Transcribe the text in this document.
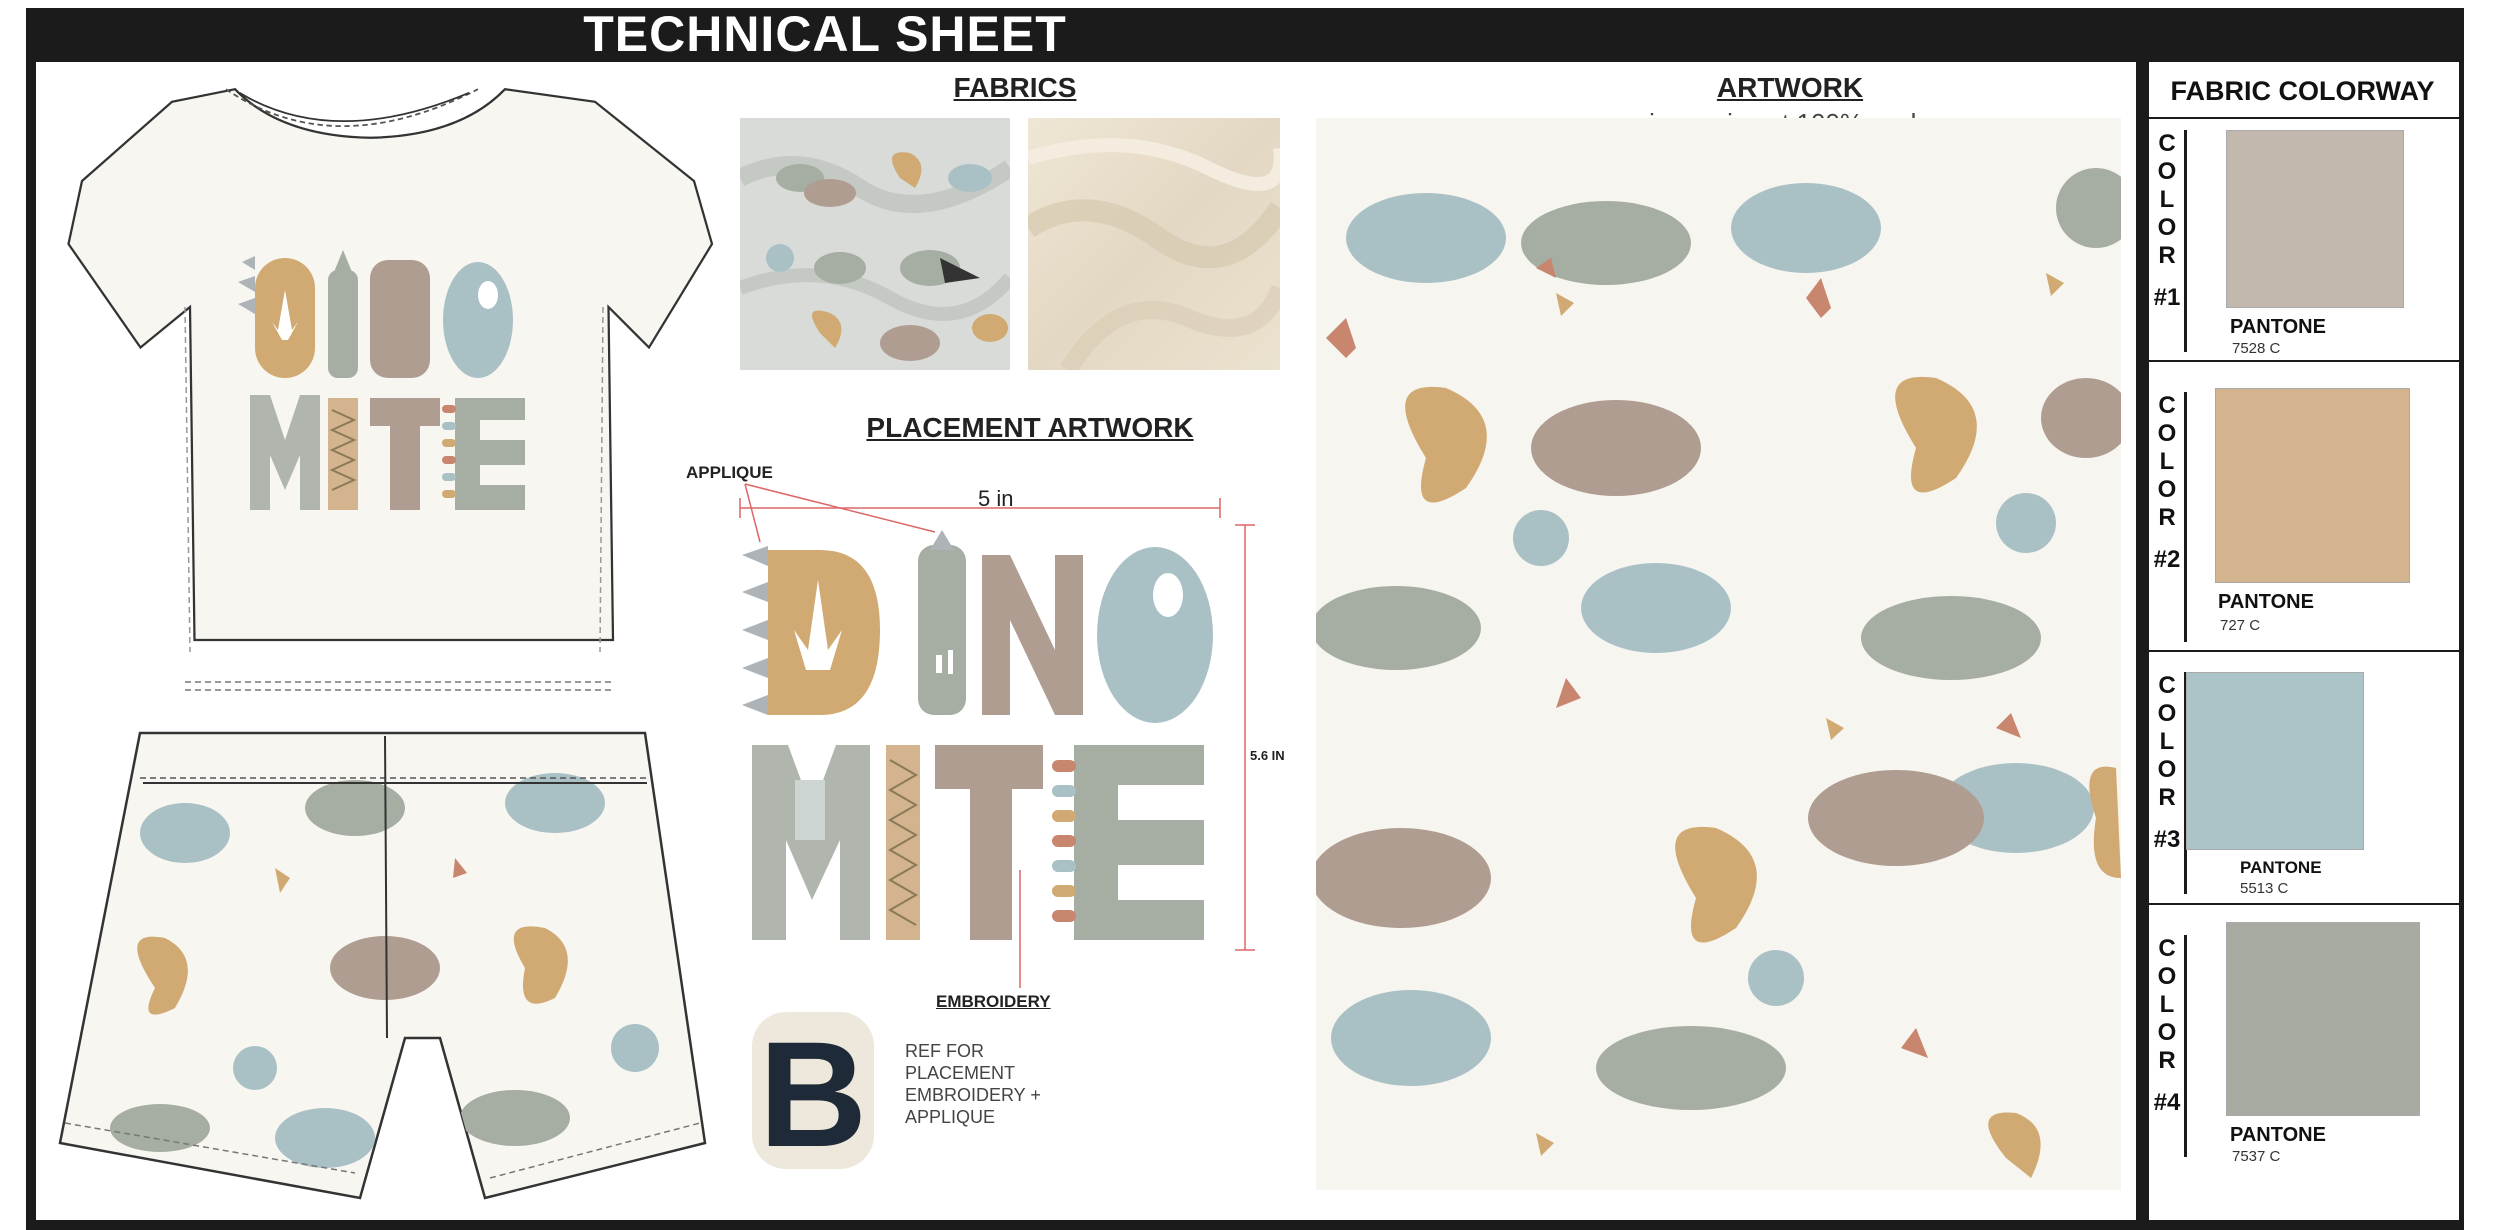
TECHNICAL SHEET
FABRICS
PLACEMENT ARTWORK
APPLIQUE
5 in
5.6 IN
EMBROIDERY
B REF FOR
PLACEMENT
EMBROIDERY +
APPLIQUE
ARTWORK	FABRIC COLORWAY
C
O
L
O
R
#1
PANTONE
7528 C
C
O
L
O
R
#2
PANTONE
727 C
C
O
L
O
R
#3
PANTONE
5513 C
C
O
L
O
R
#4
PANTONE
7537 C
